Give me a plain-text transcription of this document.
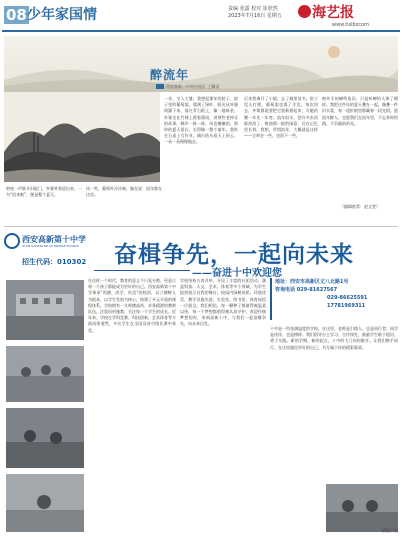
08 少年家国情	责编 张露 校对 崔欣然
2023年7月16日 星期五 海艺报
www.hslbzcom
醉流年
西安高新一中初中校区 王馨睿
一年，又入大暑。我想起那年的院子。院子里的葡萄架，爬满了绿叶，阳光从叶缝间漏下来，落在青石板上，像一地碎金。外婆坐在竹椅上摇着蒲扇，讲那些老掉牙的故事。蝉声一阵一阵，风也懒懒的。那时的夏天很长，长得像一整个童年。我趴在石桌上写作业，偶尔抬头看天上的云，一朵一朵慢慢地走。
后来我离开了小镇，去了城里读书。院子没人打理，葡萄架也塌了半边。每次回去，外婆都说要把它重新搭起来，可她的腰一年比一年弯。流年似水，把许多东西都冲淡了，唯独那一院的绿意，还在记忆里长着。我想，所谓流年，大概就是这样——它带走一些，也留下一些。
窗外半的蝉鸣依旧，只是听蝉的人换了模样。我把这些年的夏天叠在一起，像叠一件旧衣裳，每一道折痕里都藏着一段光阴。愿流年醉人，也愿我们在流年里，不忘来时的路，不负眼前的光。
（编辑推荐：赵文雯）
咯吱一声推开旧院门，外婆笑着迎出来，一句“回来啦”，便是整个夏天。
风一吹，葡萄叶沙沙响，像在说：流年都在这里。
西安高新第十中学
XI'AN GAOXIN NO.10 MIDDLE SCHOOL
招生代码：010302 奋楫争先，一起向未来
——奋进十中欢迎您
地址：西安市高新区丈八北路1号
咨询电话 029-81627567
029-86625591
17781969311
在这样一个时代，教育的意义不只是分数，更是让每一个孩子都能成为更好的自己。西安高新第十中学秉承“尚德、尚学、尚美”的校训，以立德树人为根本，以学生发展为核心，构建了多元开放的课程体系。学校拥有一支师德高尚、业务精湛的教师队伍，注重因材施教，关注每一个学生的成长。近年来，学校在学科竞赛、科技创新、艺术体育等方面成绩斐然，多名学生在全国及省市级比赛中获奖。
学校坚持五育并举，开设了丰富的社团活动，涵盖科技、人文、艺术、体育等多个领域，为学生提供展示自我的舞台。校园内绿树成荫，环境优美，教学设施先进，实验室、图书馆、体育场馆一应俱全。我们相信，每一颗种子都值得被温柔以待，每一个梦想都值得被认真守护。欢迎怀揣梦想的你，来到高新十中，与我们一起奋楫争先，向未来出发。
十中是一所充满温度的学校。在这里，老师是引路人，也是同行者；同学是伙伴，也是榜样。我们倡导自主学习、合作探究，鼓励学生敢于提问、勇于实践。新的学期，新的起点，十中的大门向你敞开。让我们携手同行，在这里遇见更好的自己，书写属于你的精彩篇章。
招生广告
